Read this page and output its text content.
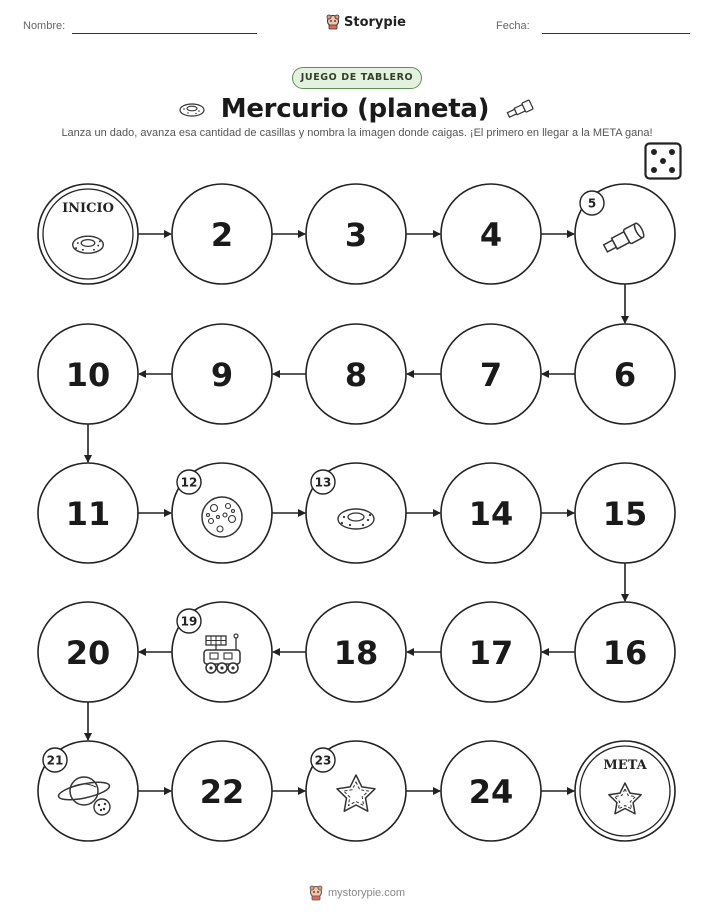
Nombre:	Storypie	Fecha:
JUEGO DE TABLERO
Mercurio (planeta)
Lanza un dado, avanza esa cantidad de casillas y nombra la imagen donde caigas. ¡El primero en llegar a la META gana!
INICIO
2	3	4
5
6
7
8
9
10
11
12	13
14	15
16
17
18
19
20
21
22
23
24
META
mystorypie.com
